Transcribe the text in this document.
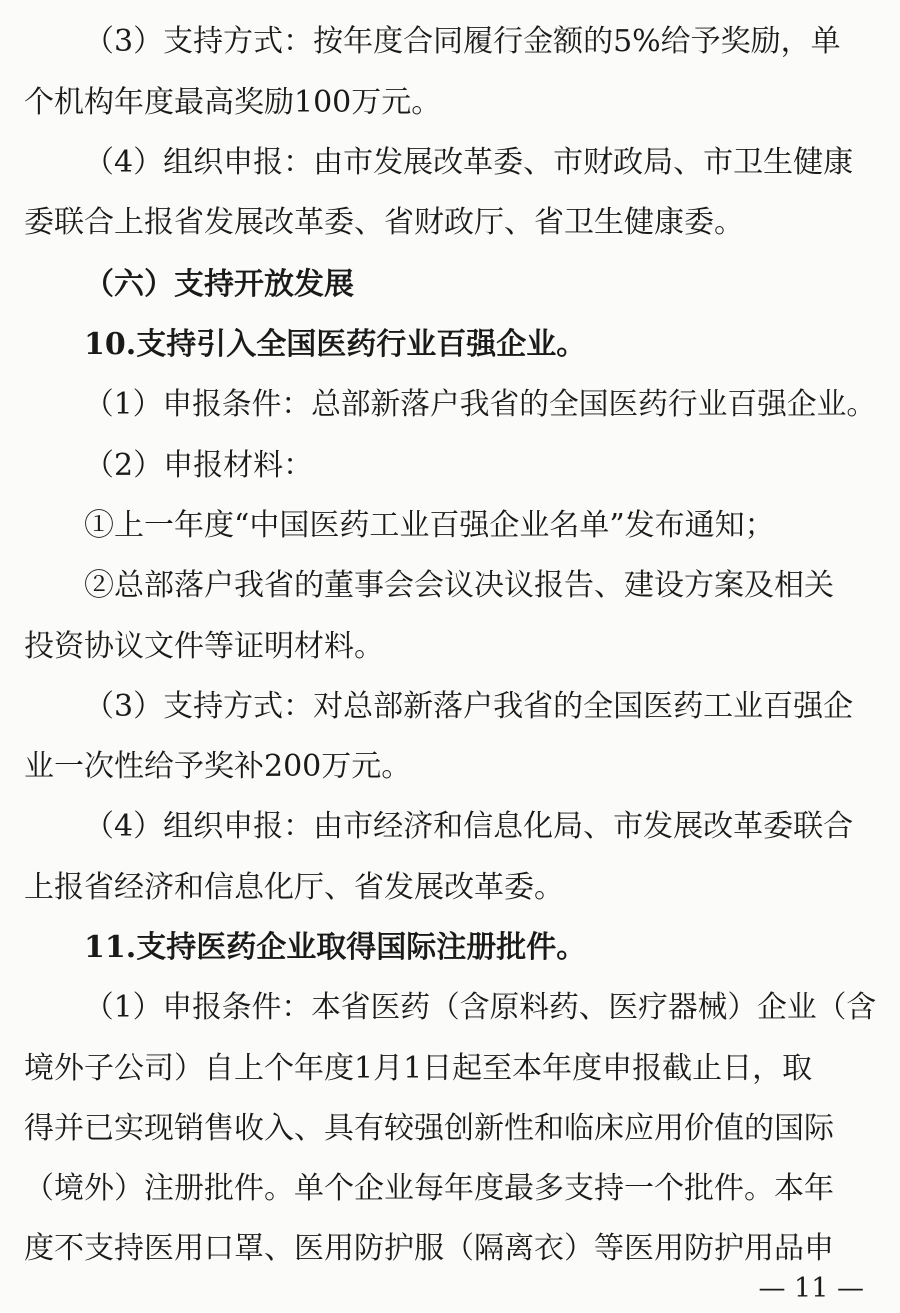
（3）支持方式：按年度合同履行金额的5%给予奖励，单
个机构年度最高奖励100万元。
（4）组织申报：由市发展改革委、市财政局、市卫生健康
委联合上报省发展改革委、省财政厅、省卫生健康委。
（六）支持开放发展
10.支持引入全国医药行业百强企业。
（1）申报条件：总部新落户我省的全国医药行业百强企业。
（2）申报材料：
①上一年度“中国医药工业百强企业名单”发布通知；
②总部落户我省的董事会会议决议报告、建设方案及相关
投资协议文件等证明材料。
（3）支持方式：对总部新落户我省的全国医药工业百强企
业一次性给予奖补200万元。
（4）组织申报：由市经济和信息化局、市发展改革委联合
上报省经济和信息化厅、省发展改革委。
11.支持医药企业取得国际注册批件。
（1）申报条件：本省医药（含原料药、医疗器械）企业（含
境外子公司）自上个年度1月1日起至本年度申报截止日，取
得并已实现销售收入、具有较强创新性和临床应用价值的国际
（境外）注册批件。单个企业每年度最多支持一个批件。本年
度不支持医用口罩、医用防护服（隔离衣）等医用防护用品申
— 11 —
